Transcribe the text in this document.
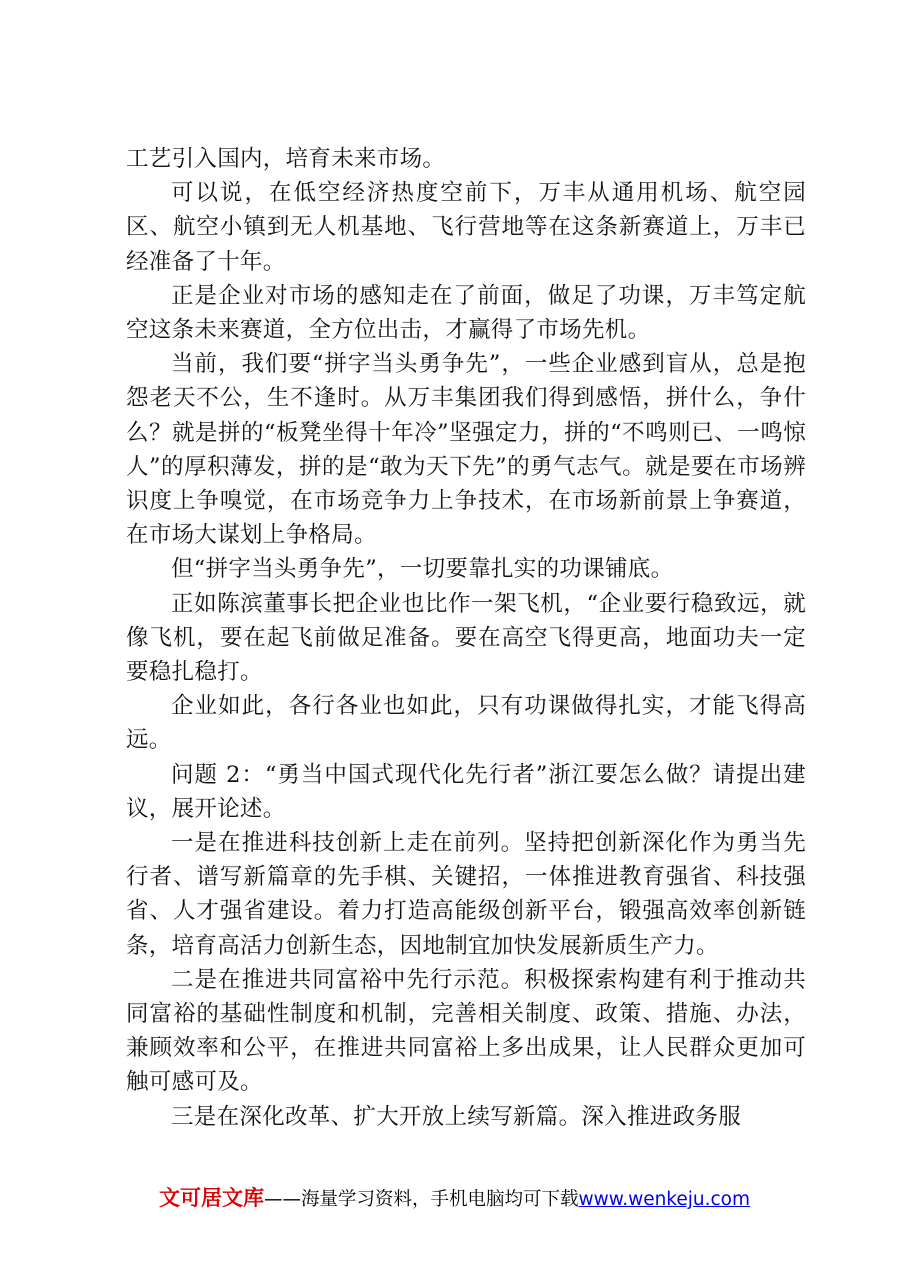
工艺引入国内，培育未来市场。

可以说，在低空经济热度空前下，万丰从通用机场、航空园区、航空小镇到无人机基地、飞行营地等在这条新赛道上，万丰已经准备了十年。

正是企业对市场的感知走在了前面，做足了功课，万丰笃定航空这条未来赛道，全方位出击，才赢得了市场先机。

当前，我们要“拼字当头勇争先”，一些企业感到盲从，总是抱怨老天不公，生不逢时。从万丰集团我们得到感悟，拼什么，争什么？就是拼的“板凳坐得十年冷”坚强定力，拼的“不鸣则已、一鸣惊人”的厚积薄发，拼的是“敢为天下先”的勇气志气。就是要在市场辨识度上争嗅觉，在市场竞争力上争技术，在市场新前景上争赛道，在市场大谋划上争格局。

但“拼字当头勇争先”，一切要靠扎实的功课铺底。

正如陈滨董事长把企业也比作一架飞机，“企业要行稳致远，就像飞机，要在起飞前做足准备。要在高空飞得更高，地面功夫一定要稳扎稳打。

企业如此，各行各业也如此，只有功课做得扎实，才能飞得高远。

问题 2：“勇当中国式现代化先行者”浙江要怎么做？请提出建议，展开论述。

一是在推进科技创新上走在前列。坚持把创新深化作为勇当先行者、谱写新篇章的先手棋、关键招，一体推进教育强省、科技强省、人才强省建设。着力打造高能级创新平台，锻强高效率创新链条，培育高活力创新生态，因地制宜加快发展新质生产力。

二是在推进共同富裕中先行示范。积极探索构建有利于推动共同富裕的基础性制度和机制，完善相关制度、政策、措施、办法，兼顾效率和公平，在推进共同富裕上多出成果，让人民群众更加可触可感可及。

三是在深化改革、扩大开放上续写新篇。深入推进政务服

文可居文库——海量学习资料，手机电脑均可下载www.wenkeju.com
